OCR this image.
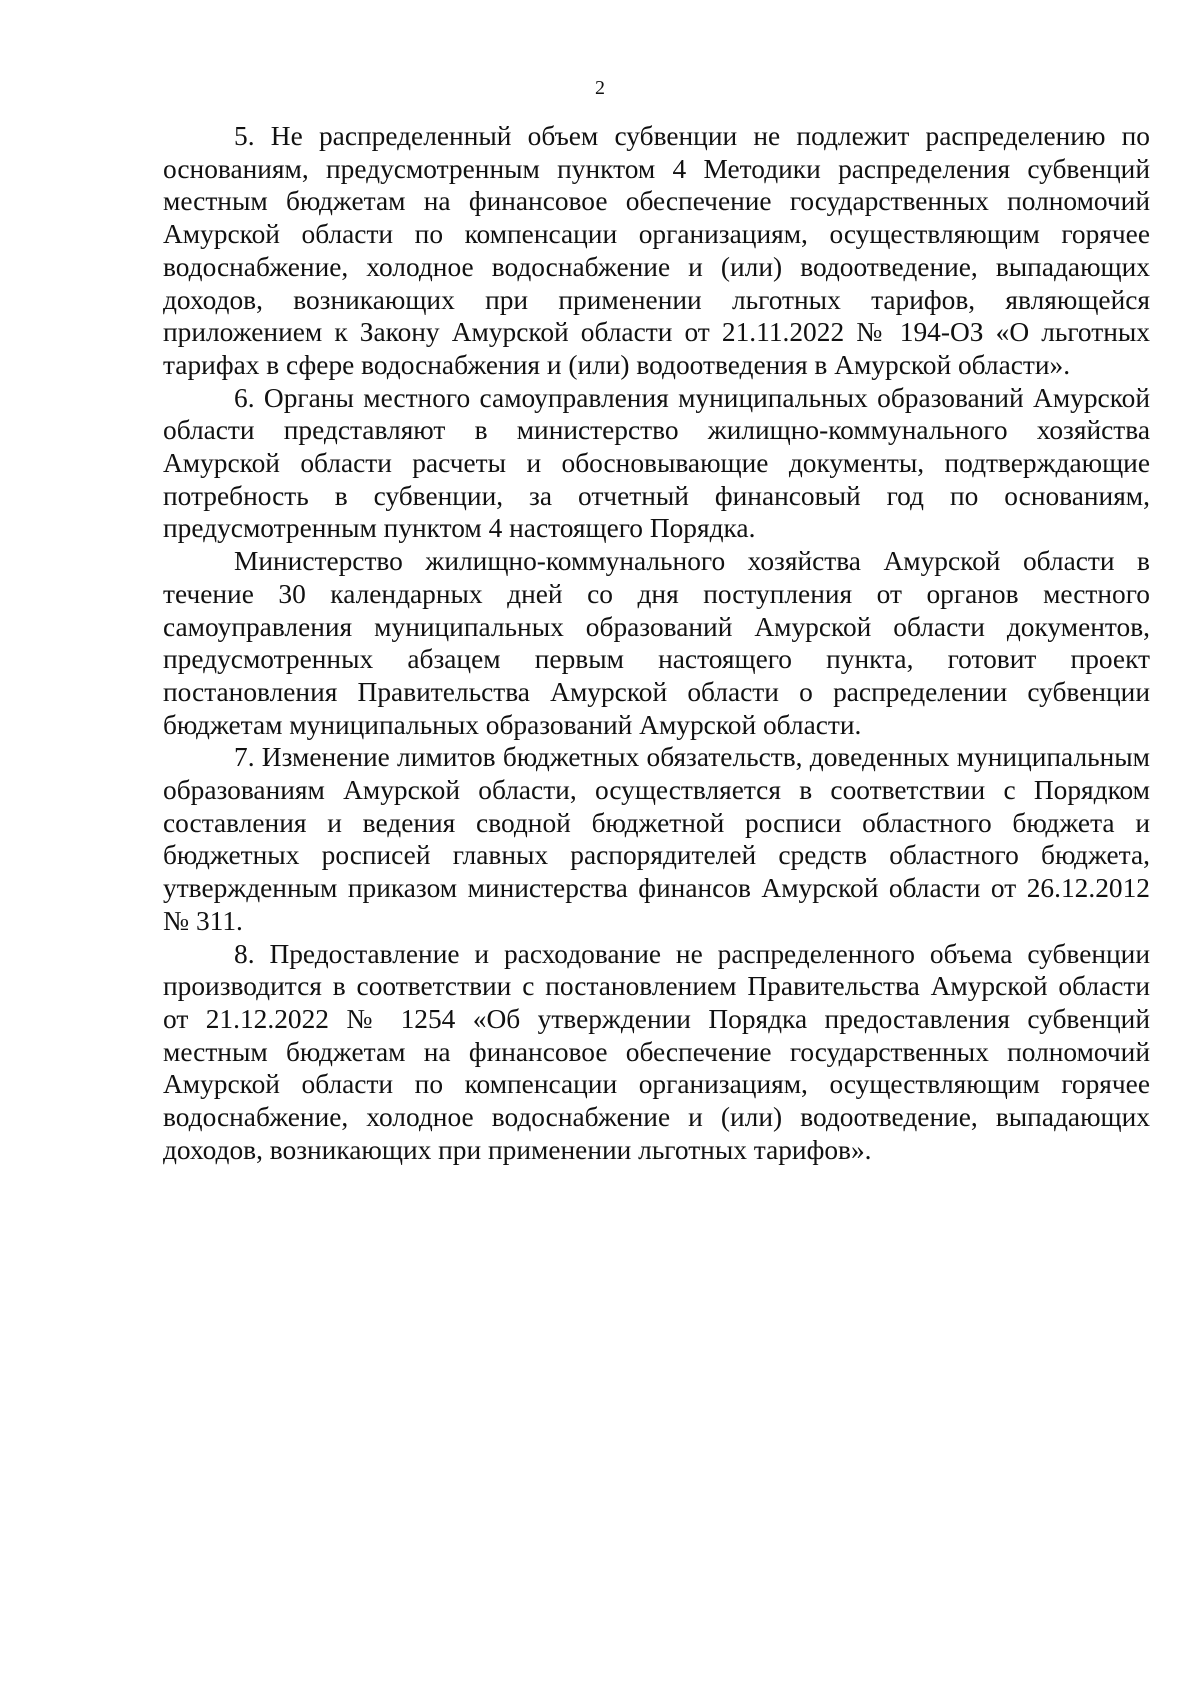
2

5. Не распределенный объем субвенции не подлежит распределению по основаниям, предусмотренным пунктом 4 Методики распределения субвенций местным бюджетам на финансовое обеспечение государственных полномочий Амурской области по компенсации организациям, осуществляющим горячее водоснабжение, холодное водоснабжение и (или) водоотведение, выпадающих доходов, возникающих при применении льготных тарифов, являющейся приложением к Закону Амурской области от 21.11.2022 № 194-ОЗ «О льготных тарифах в сфере водоснабжения и (или) водоотведения в Амурской области».

6. Органы местного самоуправления муниципальных образований Амурской области представляют в министерство жилищно-коммунального хозяйства Амурской области расчеты и обосновывающие документы, подтверждающие потребность в субвенции, за отчетный финансовый год по основаниям, предусмотренным пунктом 4 настоящего Порядка.

Министерство жилищно-коммунального хозяйства Амурской области в течение 30 календарных дней со дня поступления от органов местного самоуправления муниципальных образований Амурской области документов, предусмотренных абзацем первым настоящего пункта, готовит проект постановления Правительства Амурской области о распределении субвенции бюджетам муниципальных образований Амурской области.

7. Изменение лимитов бюджетных обязательств, доведенных муниципальным образованиям Амурской области, осуществляется в соответствии с Порядком составления и ведения сводной бюджетной росписи областного бюджета и бюджетных росписей главных распорядителей средств областного бюджета, утвержденным приказом министерства финансов Амурской области от 26.12.2012 № 311.

8. Предоставление и расходование не распределенного объема субвенции производится в соответствии с постановлением Правительства Амурской области от 21.12.2022 № 1254 «Об утверждении Порядка предоставления субвенций местным бюджетам на финансовое обеспечение государственных полномочий Амурской области по компенсации организациям, осуществляющим горячее водоснабжение, холодное водоснабжение и (или) водоотведение, выпадающих доходов, возникающих при применении льготных тарифов».
